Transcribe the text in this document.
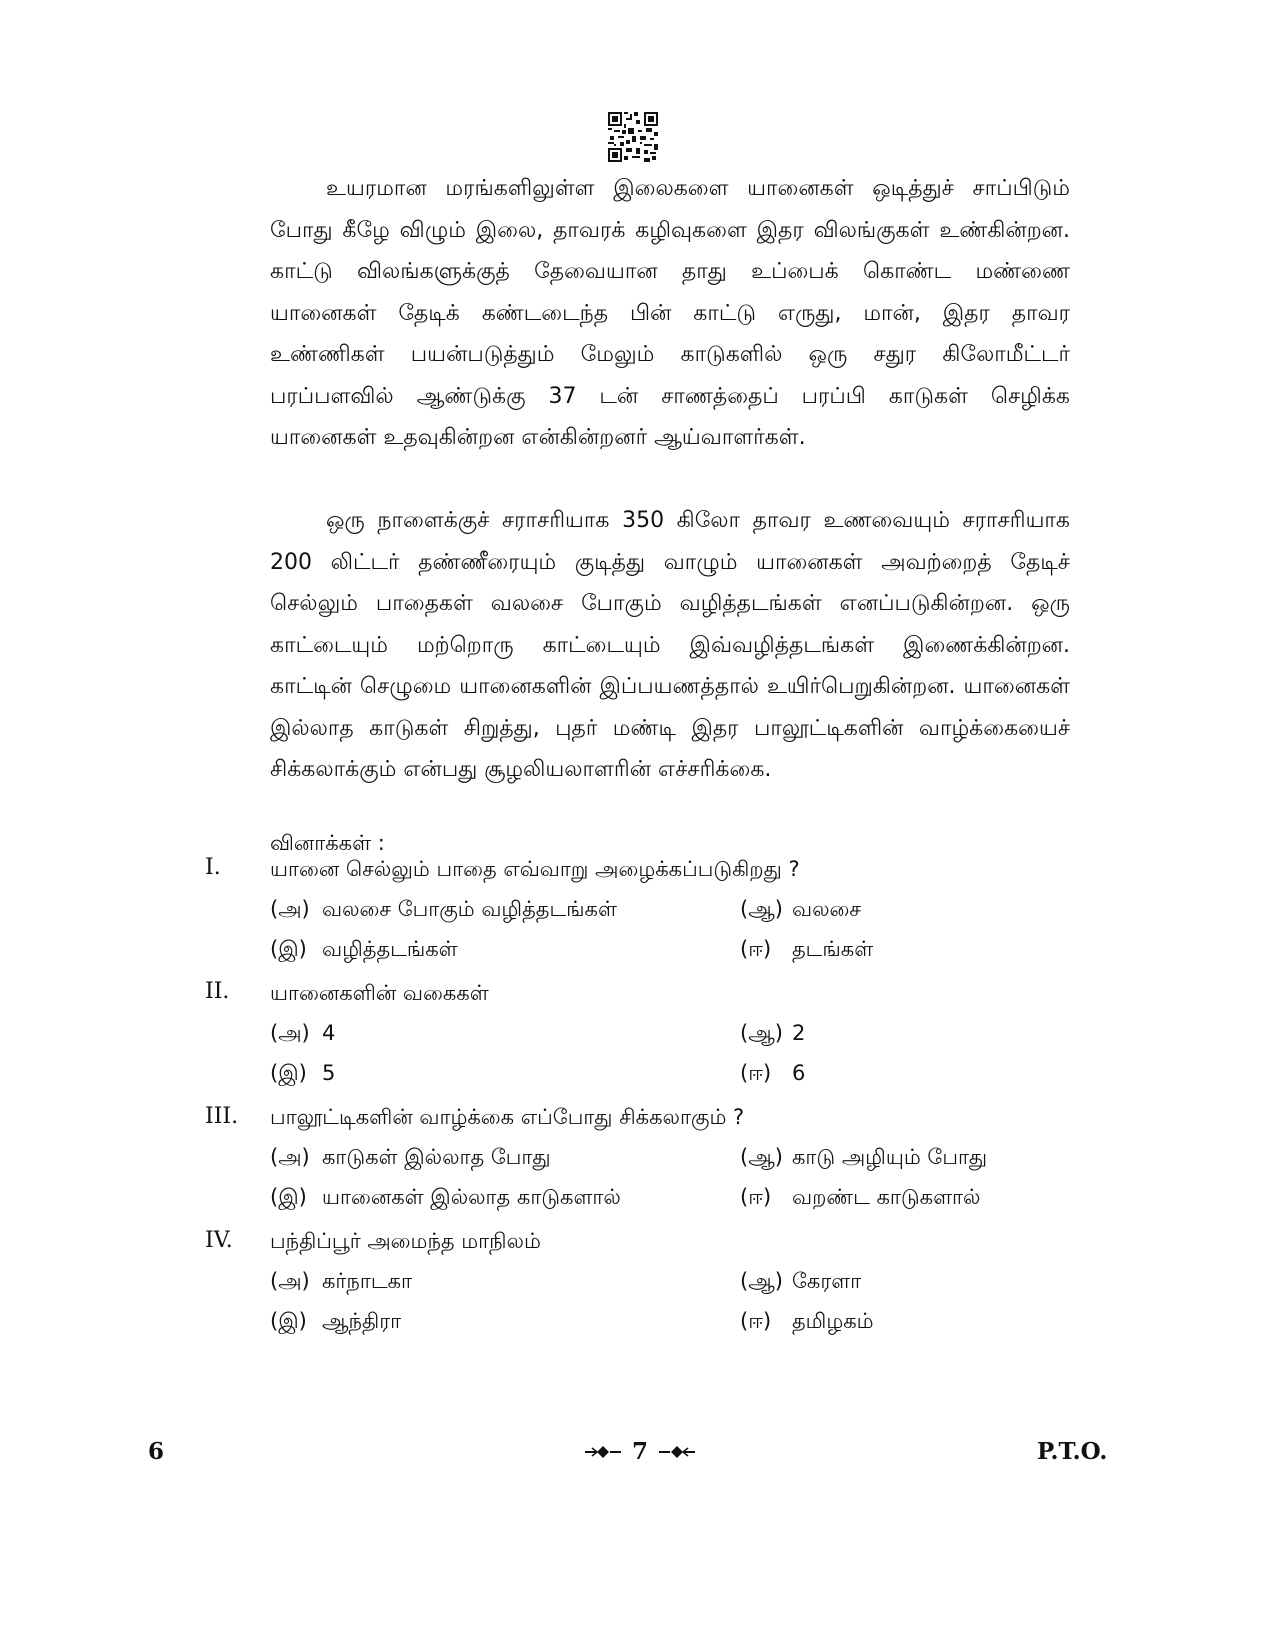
உயரமான மரங்களிலுள்ள இலைகளை யானைகள் ஒடித்துச் சாப்பிடும் போது கீழே விழும் இலை, தாவரக் கழிவுகளை இதர விலங்குகள் உண்கின்றன. காட்டு விலங்களுக்குத் தேவையான தாது உப்பைக் கொண்ட மண்ணை யானைகள் தேடிக் கண்டடைந்த பின் காட்டு எருது, மான், இதர தாவர உண்ணிகள் பயன்படுத்தும் மேலும் காடுகளில் ஒரு சதுர கிலோமீட்டர் பரப்பளவில் ஆண்டுக்கு 37 டன் சாணத்தைப் பரப்பி காடுகள் செழிக்க யானைகள் உதவுகின்றன என்கின்றனர் ஆய்வாளர்கள்.

ஒரு நாளைக்குச் சராசரியாக 350 கிலோ தாவர உணவையும் சராசரியாக 200 லிட்டர் தண்ணீரையும் குடித்து வாழும் யானைகள் அவற்றைத் தேடிச் செல்லும் பாதைகள் வலசை போகும் வழித்தடங்கள் எனப்படுகின்றன. ஒரு காட்டையும் மற்றொரு காட்டையும் இவ்வழித்தடங்கள் இணைக்கின்றன. காட்டின் செழுமை யானைகளின் இப்பயணத்தால் உயிர்பெறுகின்றன. யானைகள் இல்லாத காடுகள் சிறுத்து, புதர் மண்டி இதர பாலூட்டிகளின் வாழ்க்கையைச் சிக்கலாக்கும் என்பது சூழலியலாளரின் எச்சரிக்கை.

வினாக்கள் :
I. யானை செல்லும் பாதை எவ்வாறு அழைக்கப்படுகிறது ?
(அ) வலசை போகும் வழித்தடங்கள்	(ஆ) வலசை
(இ) வழித்தடங்கள்	(ஈ) தடங்கள்
II. யானைகளின் வகைகள்
(அ) 4	(ஆ) 2
(இ) 5	(ஈ) 6
III. பாலூட்டிகளின் வாழ்க்கை எப்போது சிக்கலாகும் ?
(அ) காடுகள் இல்லாத போது	(ஆ) காடு அழியும் போது
(இ) யானைகள் இல்லாத காடுகளால்	(ஈ) வறண்ட காடுகளால்
IV. பந்திப்பூர் அமைந்த மாநிலம்
(அ) கர்நாடகா	(ஆ) கேரளா
(இ) ஆந்திரா	(ஈ) தமிழகம்
6	7	P.T.O.
